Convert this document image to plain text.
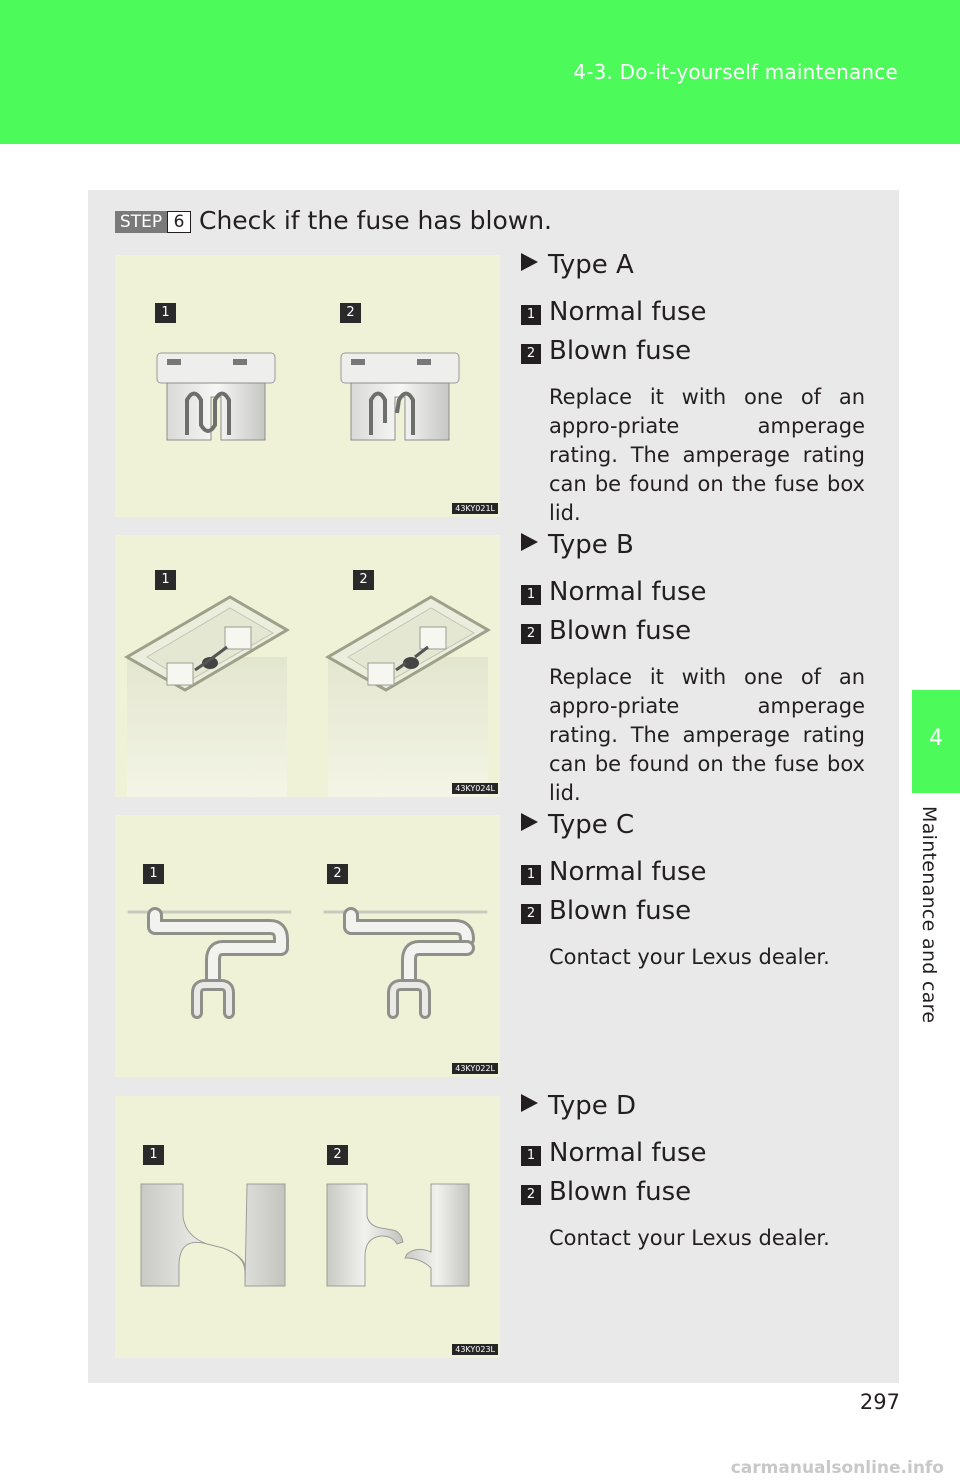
4-3. Do-it-yourself maintenance
4
Maintenance and care
STEP 6 Check if the fuse has blown.
1	2
43KY021L
Type A
1 Normal fuse
2 Blown fuse
Replace it with one of an appro-priate amperage rating. The amperage rating can be found on the fuse box lid.
1	2
43KY024L
Type B
1 Normal fuse
2 Blown fuse
Replace it with one of an appro-priate amperage rating. The amperage rating can be found on the fuse box lid.
1	2
43KY022L
Type C
1 Normal fuse
2 Blown fuse
Contact your Lexus dealer.
1	2
43KY023L
Type D
1 Normal fuse
2 Blown fuse
Contact your Lexus dealer.
297
carmanualsonline.info
